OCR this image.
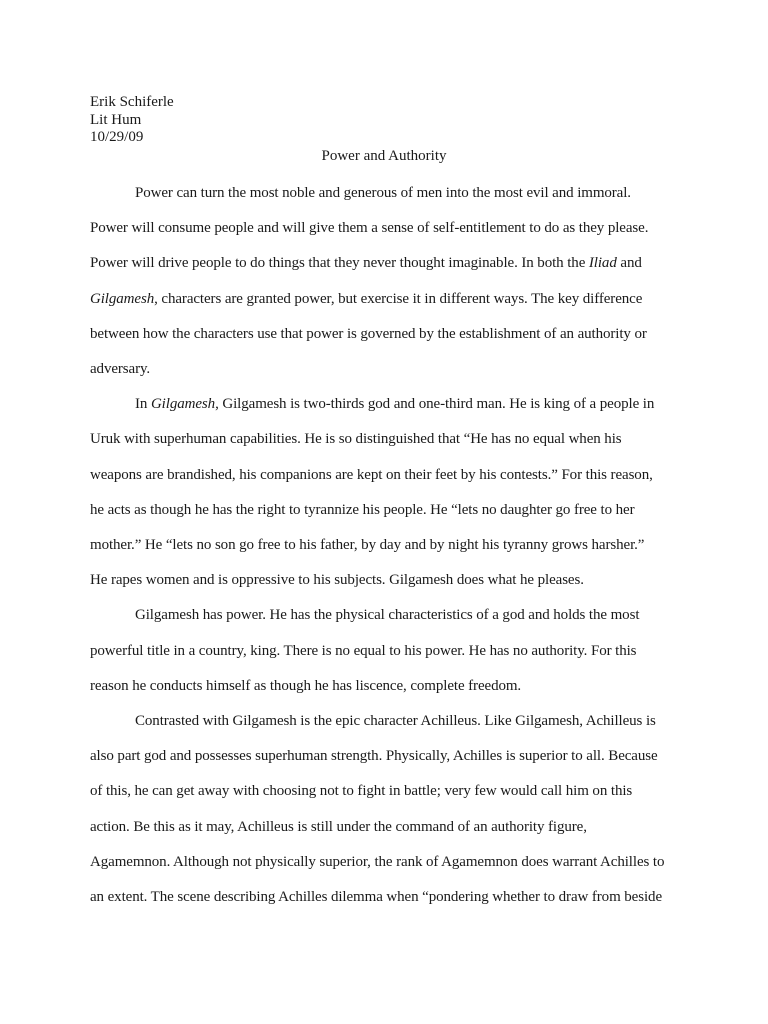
Erik Schiferle
Lit Hum
10/29/09
Power and Authority
Power can turn the most noble and generous of men into the most evil and immoral.
Power will consume people and will give them a sense of self-entitlement to do as they please.
Power will drive people to do things that they never thought imaginable. In both the Iliad and
Gilgamesh, characters are granted power, but exercise it in different ways. The key difference
between how the characters use that power is governed by the establishment of an authority or
adversary.
In Gilgamesh, Gilgamesh is two-thirds god and one-third man. He is king of a people in
Uruk with superhuman capabilities. He is so distinguished that “He has no equal when his
weapons are brandished, his companions are kept on their feet by his contests.” For this reason,
he acts as though he has the right to tyrannize his people. He “lets no daughter go free to her
mother.” He “lets no son go free to his father, by day and by night his tyranny grows harsher.”
He rapes women and is oppressive to his subjects. Gilgamesh does what he pleases.
Gilgamesh has power. He has the physical characteristics of a god and holds the most
powerful title in a country, king. There is no equal to his power. He has no authority. For this
reason he conducts himself as though he has liscence, complete freedom.
Contrasted with Gilgamesh is the epic character Achilleus. Like Gilgamesh, Achilleus is
also part god and possesses superhuman strength. Physically, Achilles is superior to all. Because
of this, he can get away with choosing not to fight in battle; very few would call him on this
action. Be this as it may, Achilleus is still under the command of an authority figure,
Agamemnon. Although not physically superior, the rank of Agamemnon does warrant Achilles to
an extent. The scene describing Achilles dilemma when “pondering whether to draw from beside
